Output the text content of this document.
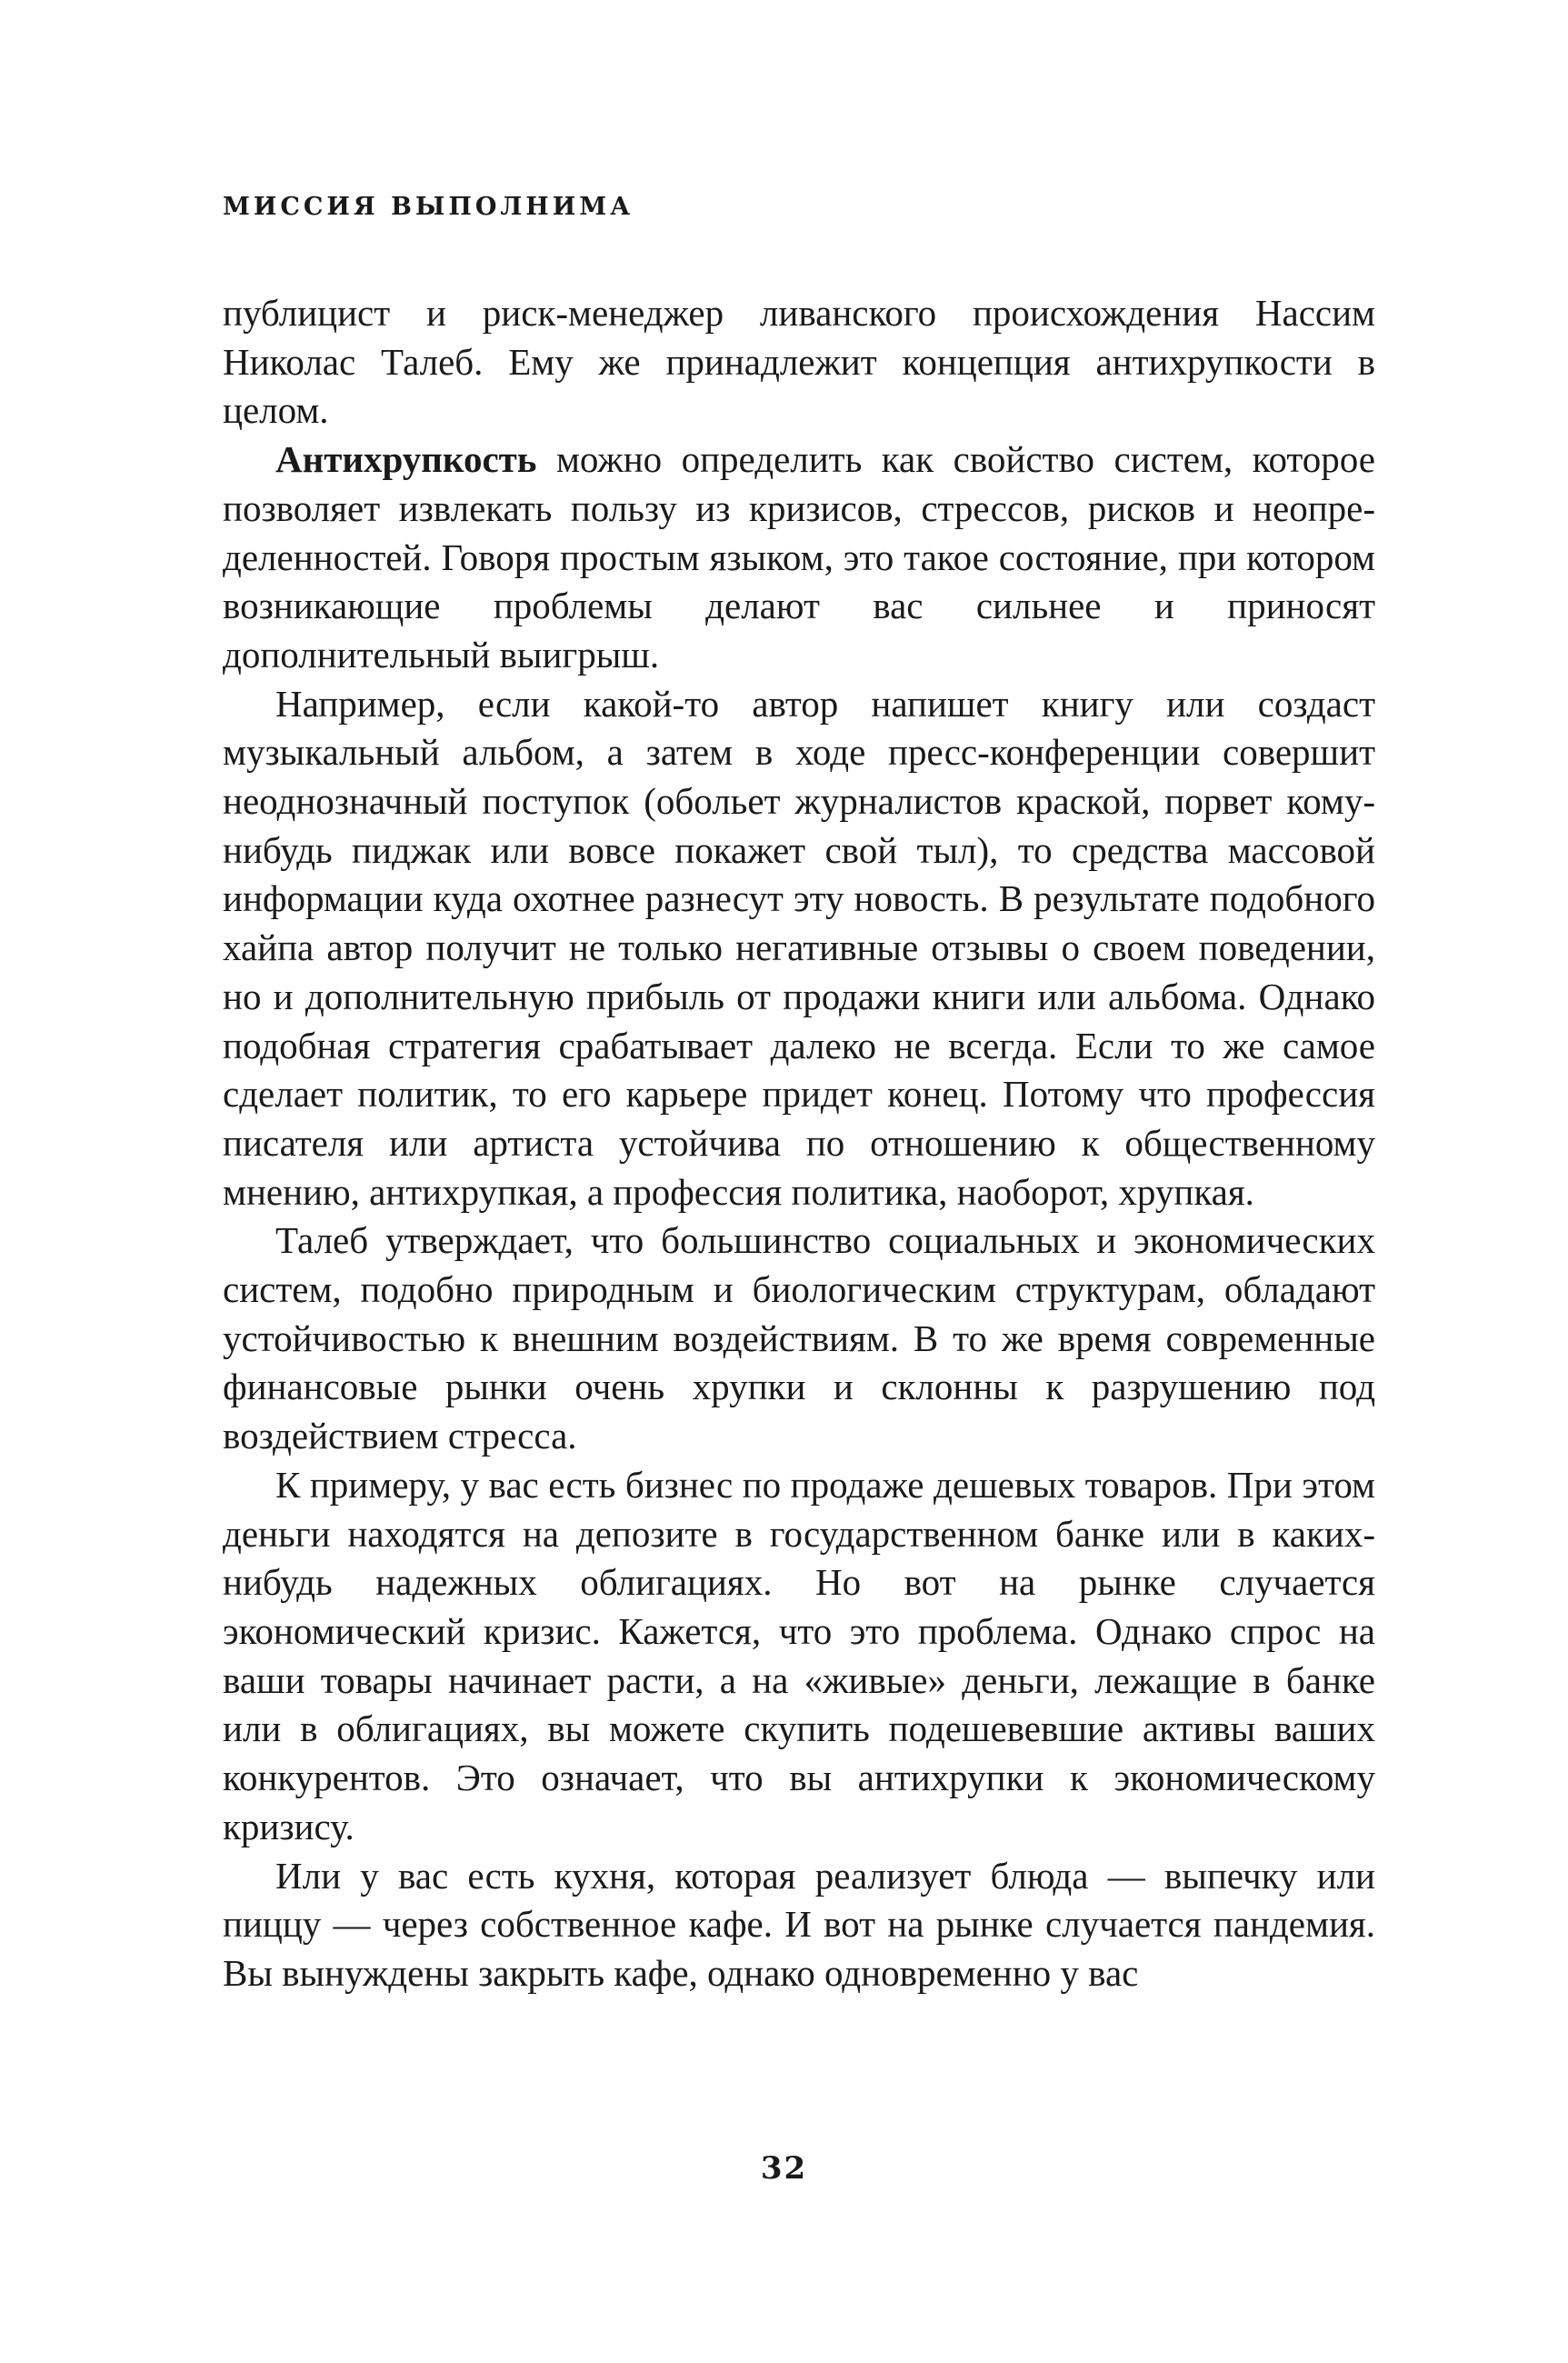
МИССИЯ ВЫПОЛНИМА

публицист и риск-менеджер ливанского происхождения Нассим Николас Талеб. Ему же принадлежит концепция антихрупкости в целом.

Антихрупкость можно определить как свойство систем, которое позволяет извлекать пользу из кризисов, стрессов, рисков и неопределенностей. Говоря простым языком, это такое состояние, при котором возникающие проблемы делают вас сильнее и приносят дополнительный выигрыш.

Например, если какой-то автор напишет книгу или создаст музыкальный альбом, а затем в ходе пресс-конференции совершит неоднозначный поступок (обольет журналистов краской, порвет кому-нибудь пиджак или вовсе покажет свой тыл), то средства массовой информации куда охотнее разнесут эту новость. В результате подобного хайпа автор получит не только негативные отзывы о своем поведении, но и дополнительную прибыль от продажи книги или альбома. Однако подобная стратегия срабатывает далеко не всегда. Если то же самое сделает политик, то его карьере придет конец. Потому что профессия писателя или артиста устойчива по отношению к общественному мнению, антихрупкая, а профессия политика, наоборот, хрупкая.

Талеб утверждает, что большинство социальных и экономических систем, подобно природным и биологическим структурам, обладают устойчивостью к внешним воздействиям. В то же время современные финансовые рынки очень хрупки и склонны к разрушению под воздействием стресса.

К примеру, у вас есть бизнес по продаже дешевых товаров. При этом деньги находятся на депозите в государственном банке или в каких-нибудь надежных облигациях. Но вот на рынке случается экономический кризис. Кажется, что это проблема. Однако спрос на ваши товары начинает расти, а на «живые» деньги, лежащие в банке или в облигациях, вы можете скупить подешевевшие активы ваших конкурентов. Это означает, что вы антихрупки к экономическому кризису.

Или у вас есть кухня, которая реализует блюда — выпечку или пиццу — через собственное кафе. И вот на рынке случается пандемия. Вы вынуждены закрыть кафе, однако одновременно у вас

32
